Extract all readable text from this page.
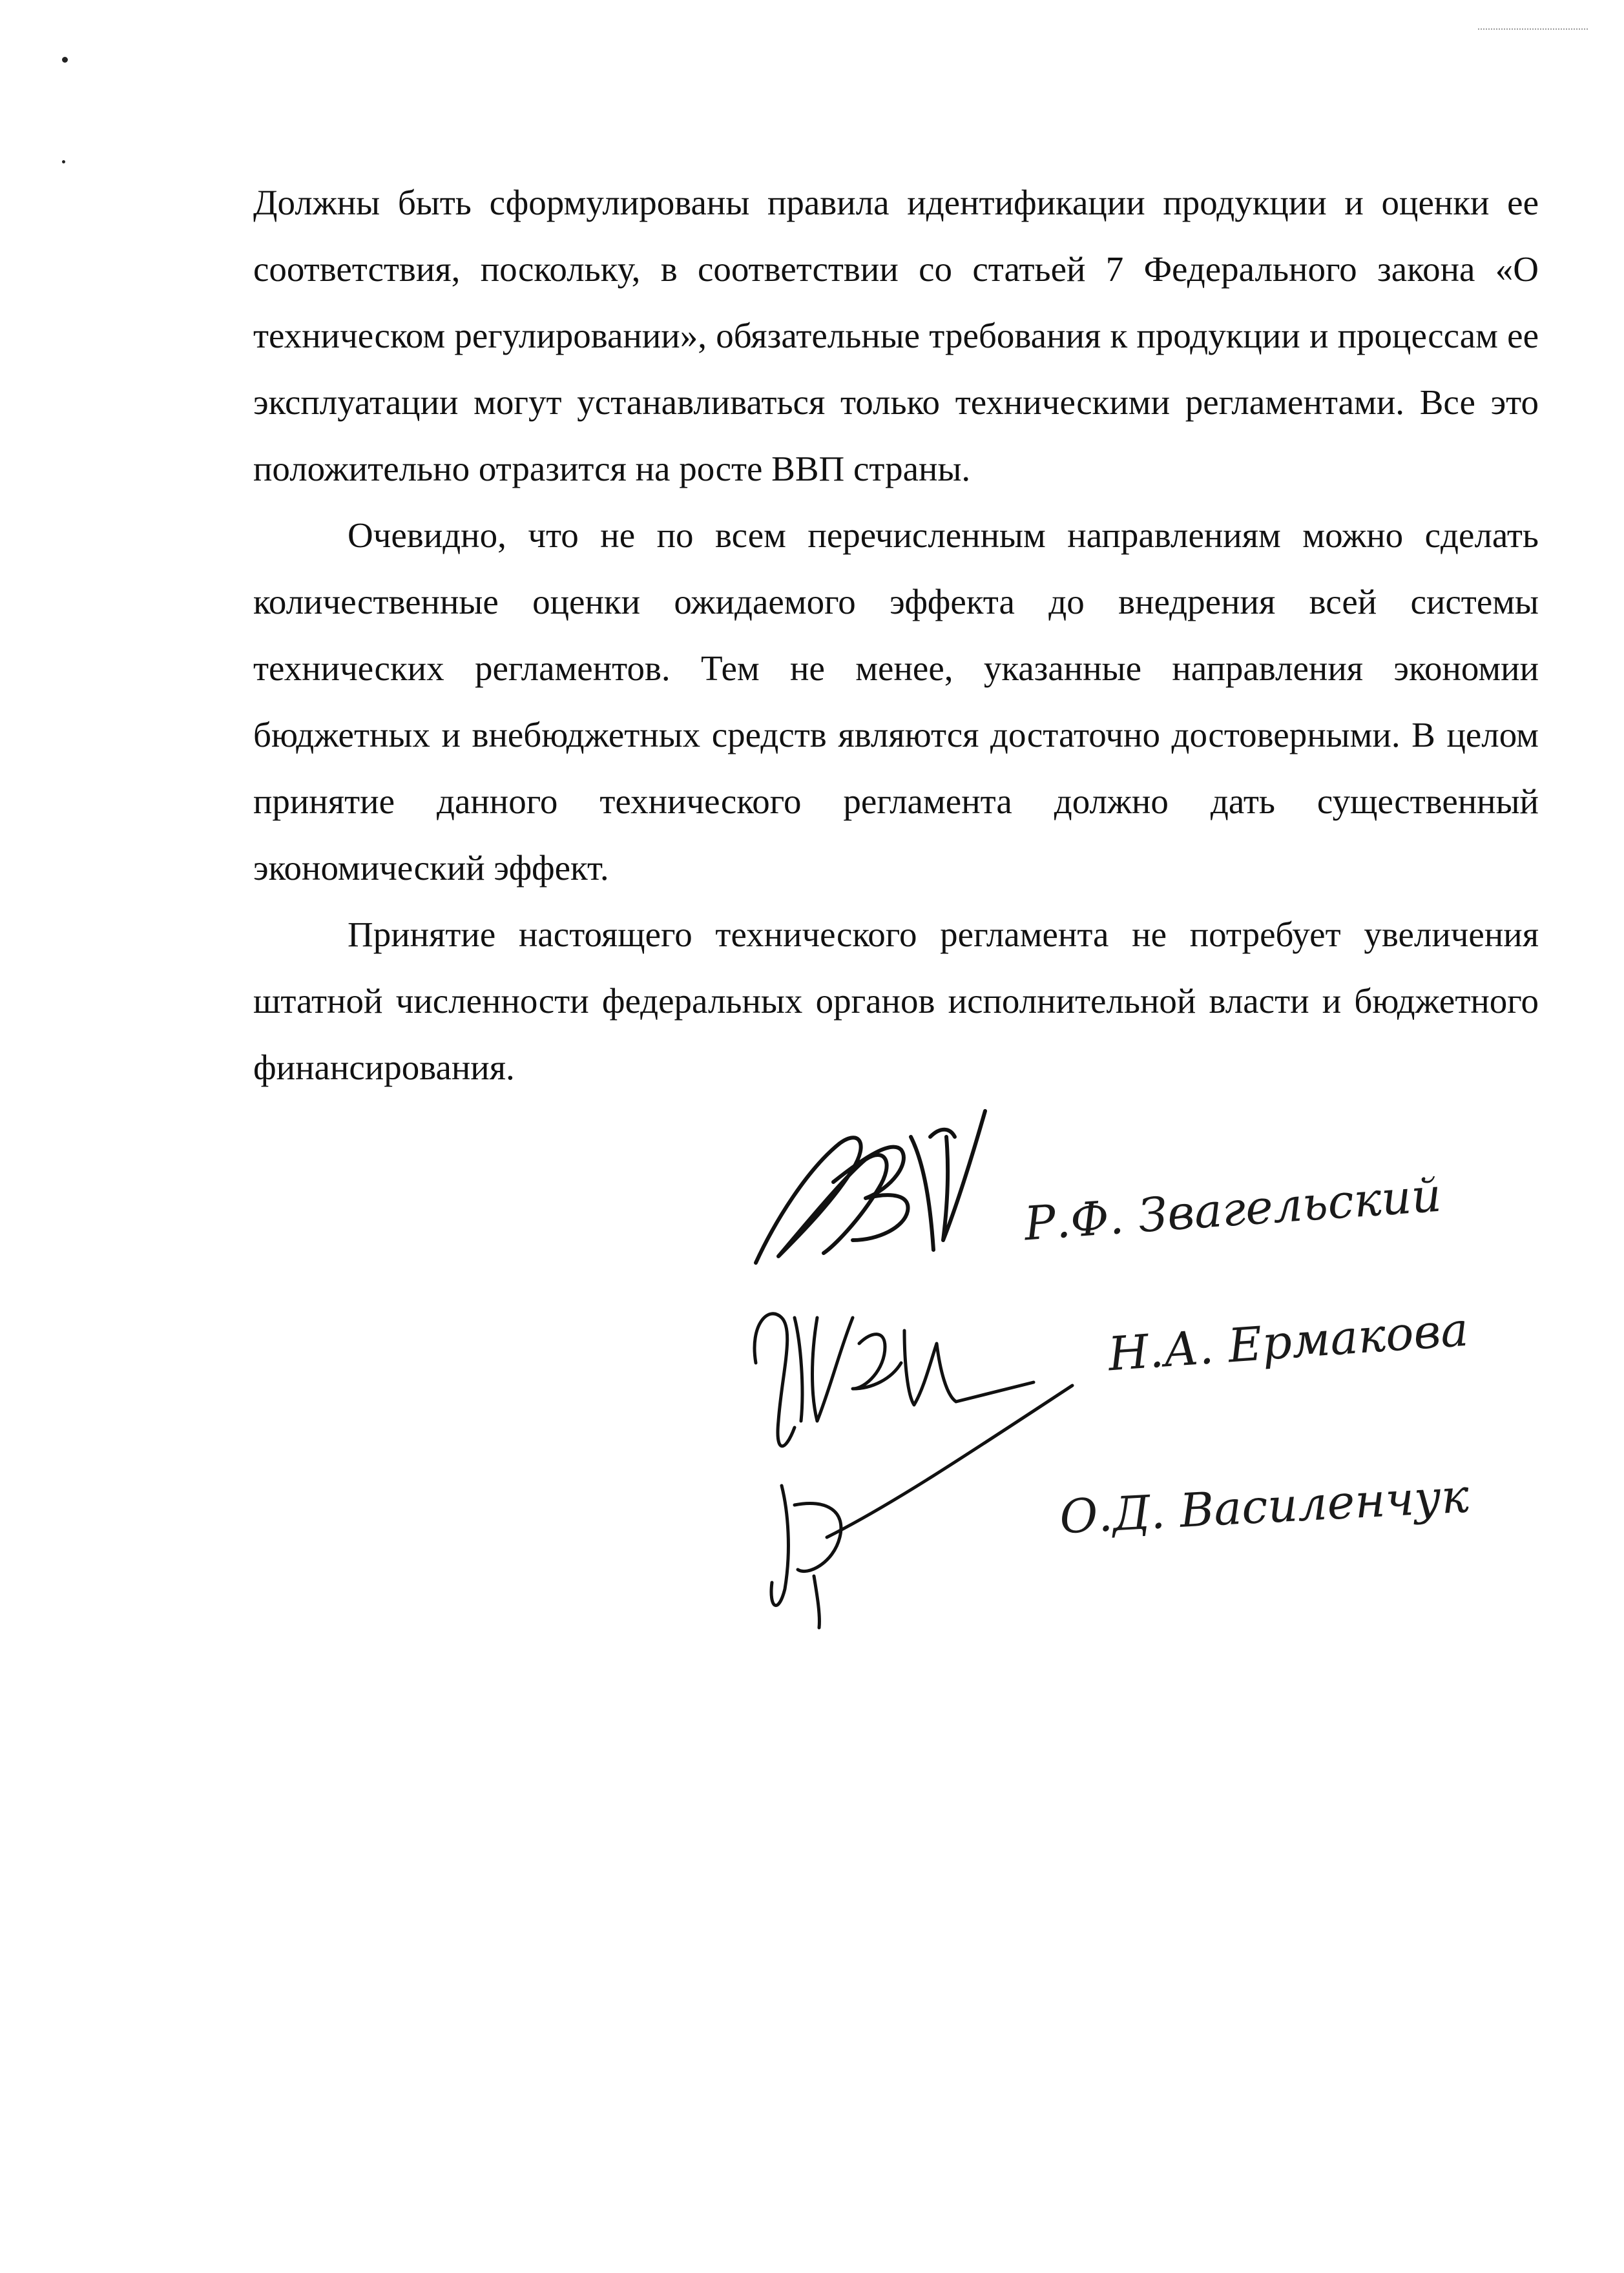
Должны быть сформулированы правила идентификации продукции и оценки ее соответствия, поскольку, в соответствии со статьей 7 Федерального закона «О техническом регулировании», обязательные требования к продукции и процессам ее эксплуатации могут устанавливаться только техническими регламентами. Все это положительно отразится на росте ВВП страны.

Очевидно, что не по всем перечисленным направлениям можно сделать количественные оценки ожидаемого эффекта до внедрения всей системы технических регламентов. Тем не менее, указанные направления экономии бюджетных и внебюджетных средств являются достаточно достоверными. В целом принятие данного технического регламента должно дать существенный экономический эффект.

Принятие настоящего технического регламента не потребует увеличения штатной численности федеральных органов исполнительной власти и бюджетного финансирования.

Р.Ф. Звагельский
Н.А. Ермакова
О.Д. Василенчук
